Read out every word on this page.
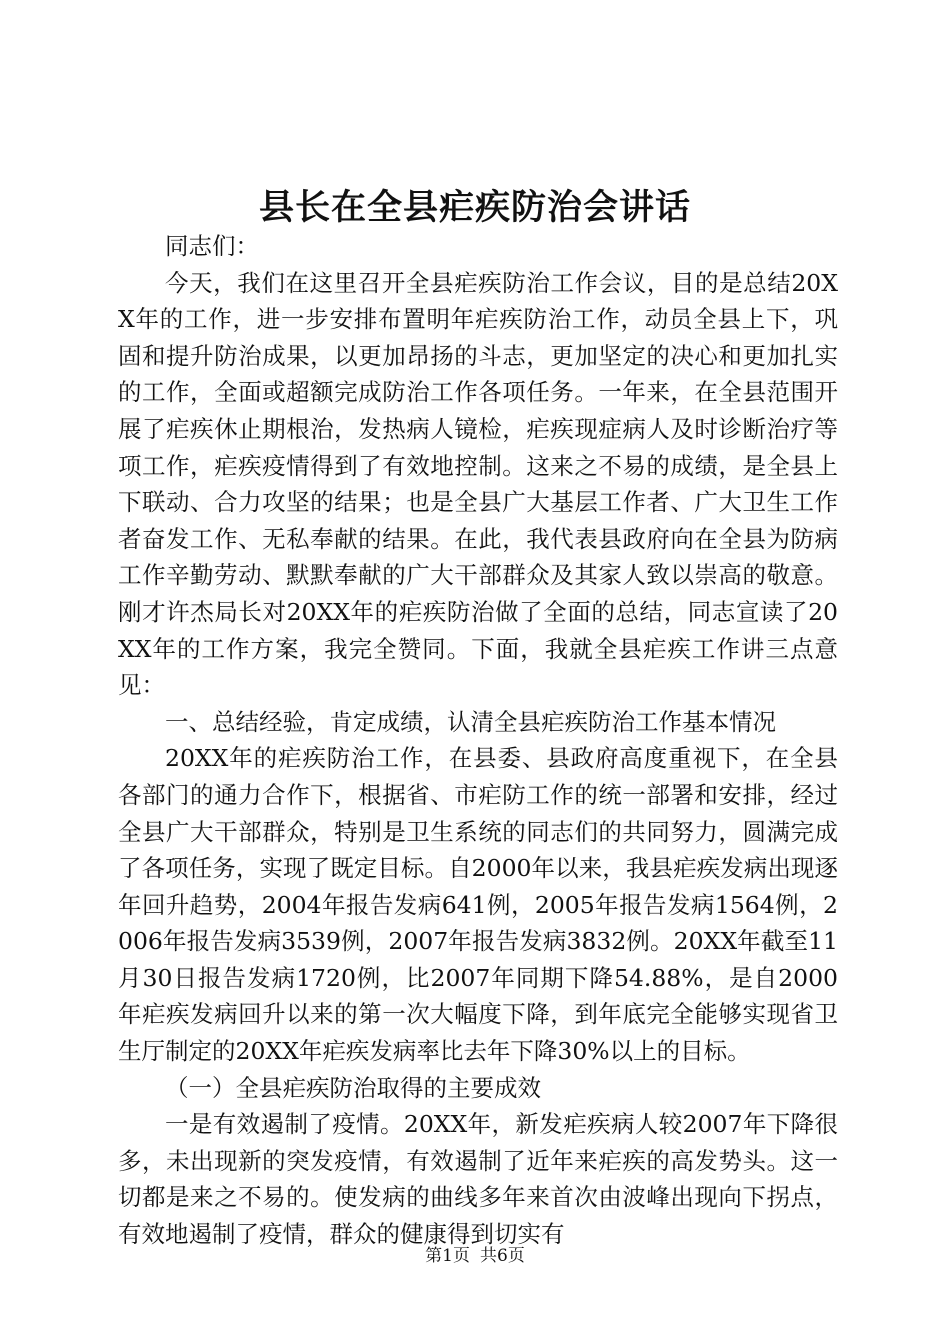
县长在全县疟疾防治会讲话

同志们：

今天，我们在这里召开全县疟疾防治工作会议，目的是总结20XX年的工作，进一步安排布置明年疟疾防治工作，动员全县上下，巩固和提升防治成果，以更加昂扬的斗志，更加坚定的决心和更加扎实的工作，全面或超额完成防治工作各项任务。一年来，在全县范围开展了疟疾休止期根治，发热病人镜检，疟疾现症病人及时诊断治疗等项工作，疟疾疫情得到了有效地控制。这来之不易的成绩，是全县上下联动、合力攻坚的结果；也是全县广大基层工作者、广大卫生工作者奋发工作、无私奉献的结果。在此，我代表县政府向在全县为防病工作辛勤劳动、默默奉献的广大干部群众及其家人致以崇高的敬意。刚才许杰局长对20XX年的疟疾防治做了全面的总结，同志宣读了20XX年的工作方案，我完全赞同。下面，我就全县疟疾工作讲三点意见：

一、总结经验，肯定成绩，认清全县疟疾防治工作基本情况

20XX年的疟疾防治工作，在县委、县政府高度重视下，在全县各部门的通力合作下，根据省、市疟防工作的统一部署和安排，经过全县广大干部群众，特别是卫生系统的同志们的共同努力，圆满完成了各项任务，实现了既定目标。自2000年以来，我县疟疾发病出现逐年回升趋势，2004年报告发病641例，2005年报告发病1564例，2006年报告发病3539例，2007年报告发病3832例。20XX年截至11月30日报告发病1720例，比2007年同期下降54.88%，是自2000年疟疾发病回升以来的第一次大幅度下降，到年底完全能够实现省卫生厅制定的20XX年疟疾发病率比去年下降30%以上的目标。

（一）全县疟疾防治取得的主要成效

一是有效遏制了疫情。20XX年，新发疟疾病人较2007年下降很多，未出现新的突发疫情，有效遏制了近年来疟疾的高发势头。这一切都是来之不易的。使发病的曲线多年来首次由波峰出现向下拐点，有效地遏制了疫情，群众的健康得到切实有

第1页 共6页
